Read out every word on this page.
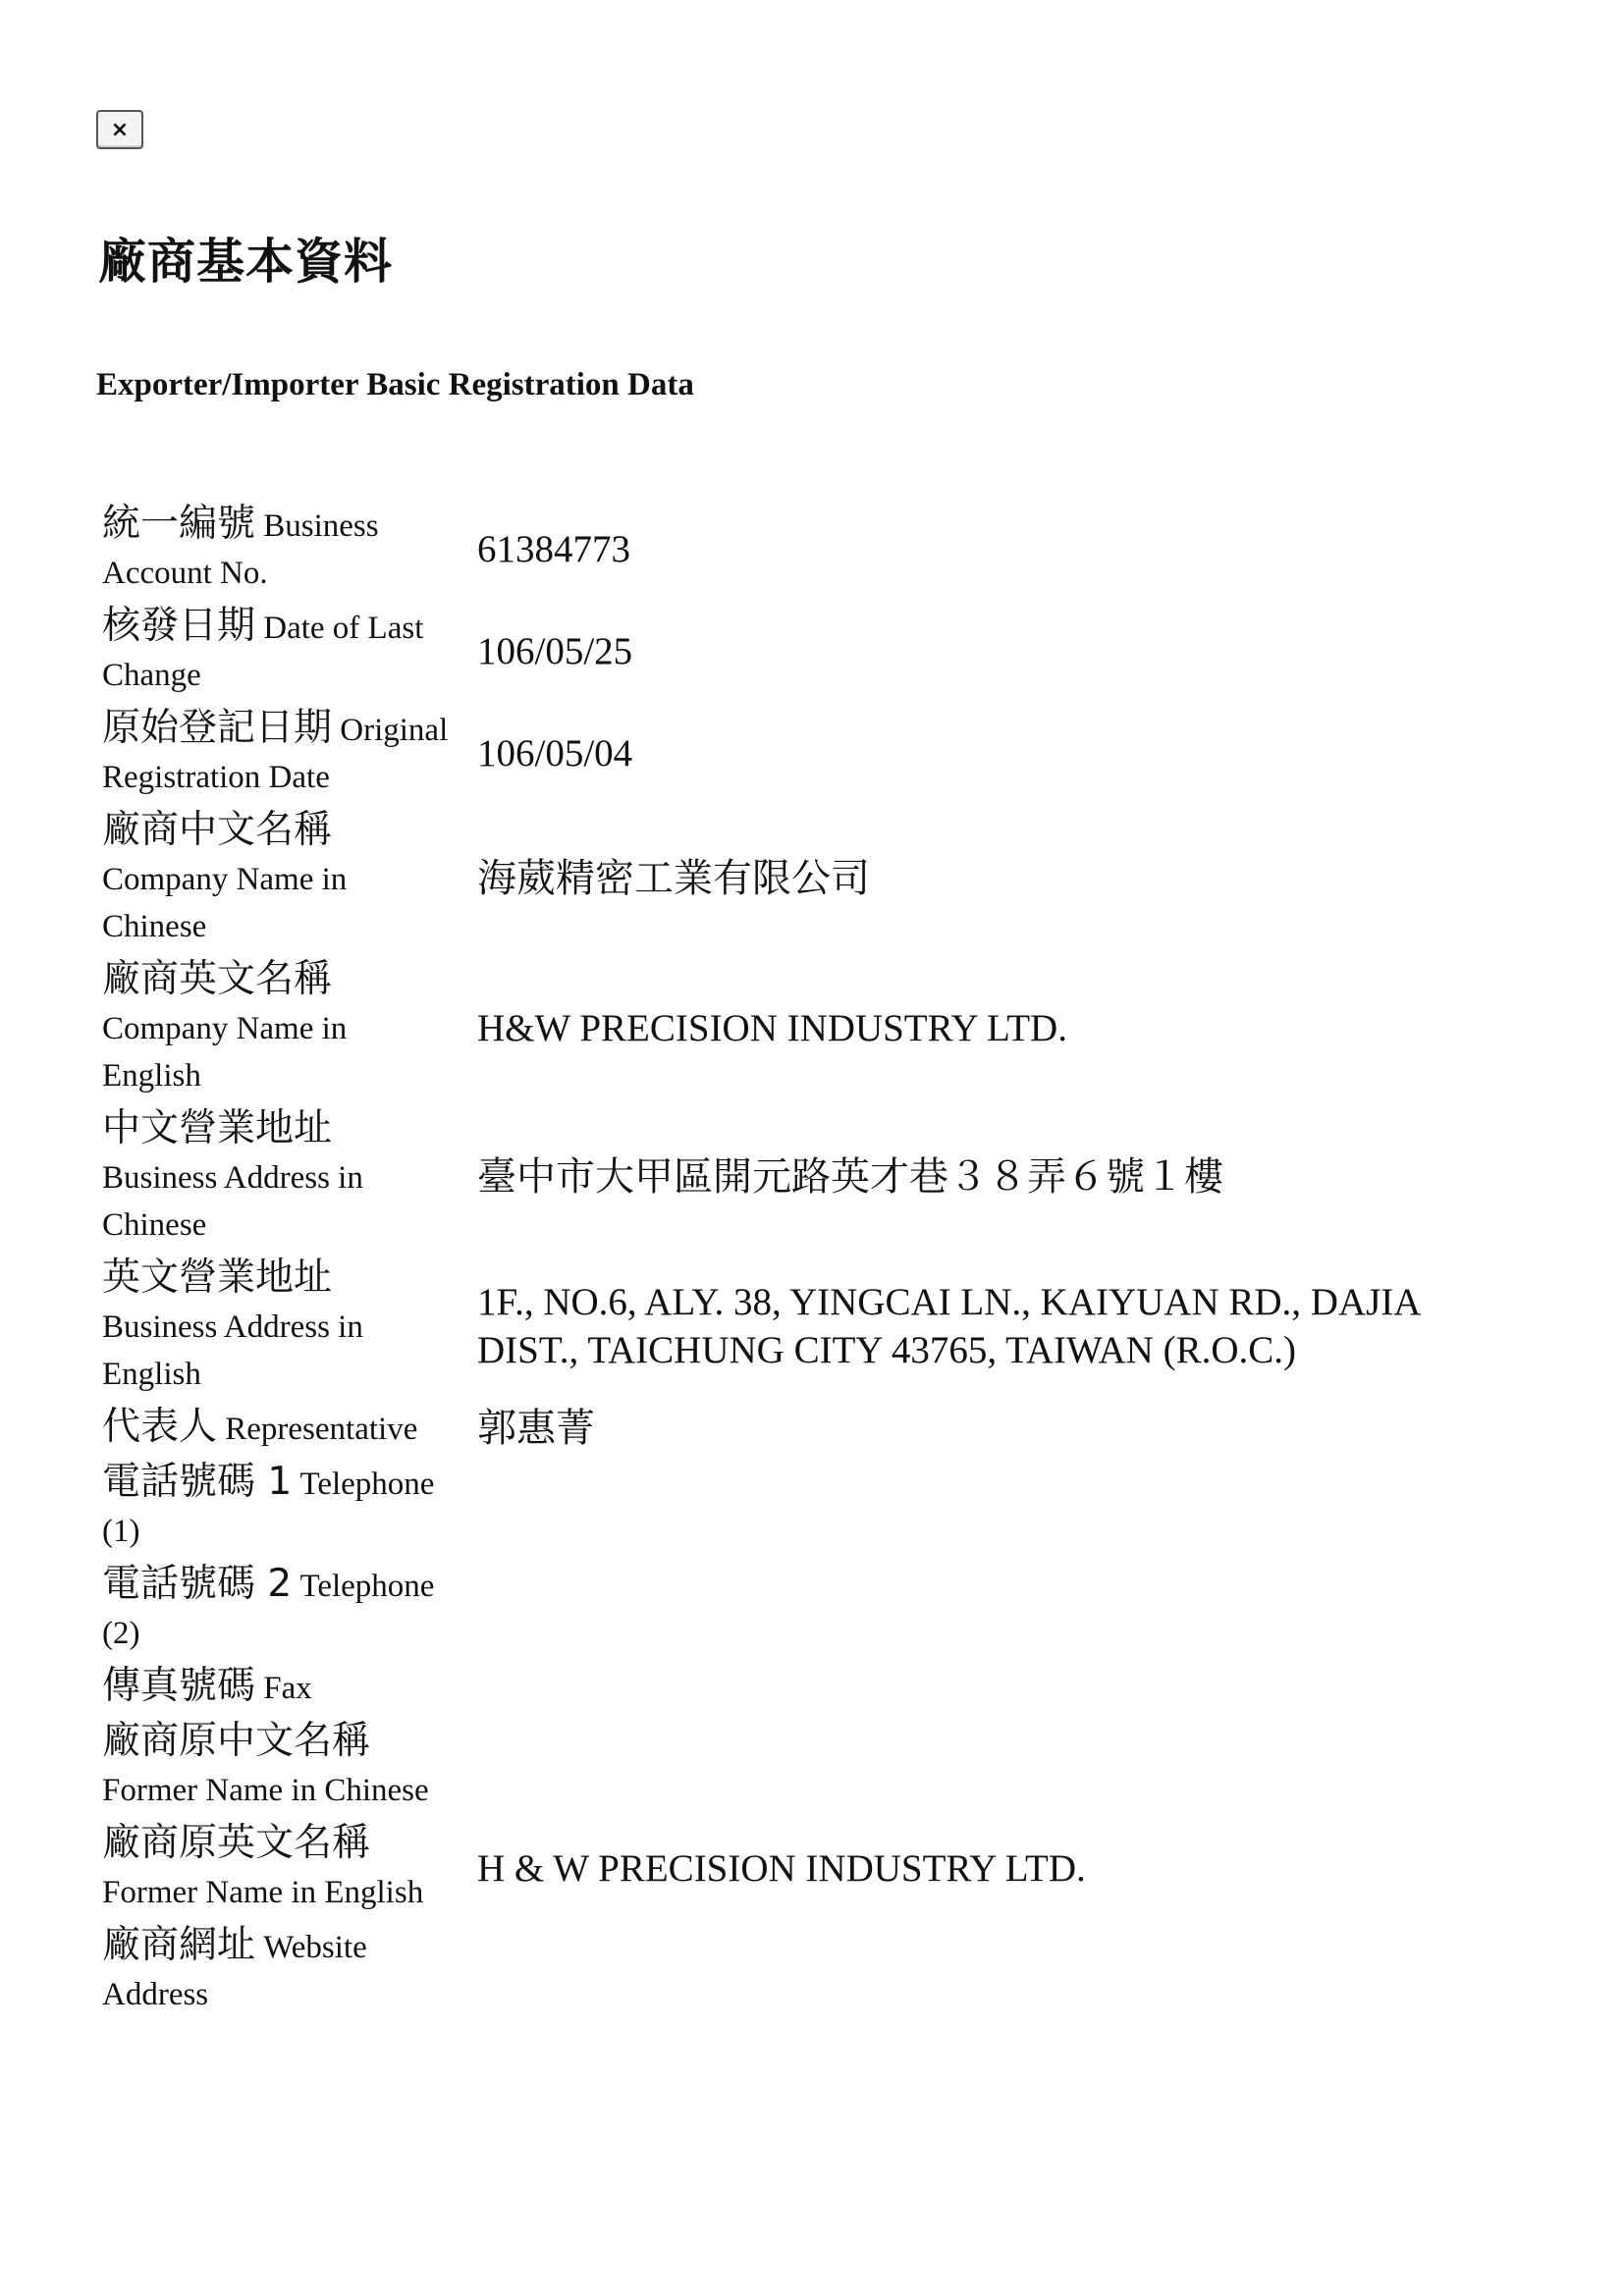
×
廠商基本資料
Exporter/Importer Basic Registration Data
統一編號 Business Account No.	61384773
核發日期 Date of Last Change	106/05/25
原始登記日期 Original Registration Date	106/05/04
廠商中文名稱 Company Name in Chinese	海葳精密工業有限公司
廠商英文名稱 Company Name in English	H&W PRECISION INDUSTRY LTD.
中文營業地址 Business Address in Chinese	臺中市大甲區開元路英才巷３８弄６號１樓
英文營業地址 Business Address in English	1F., NO.6, ALY. 38, YINGCAI LN., KAIYUAN RD., DAJIA DIST., TAICHUNG CITY 43765, TAIWAN (R.O.C.)
代表人 Representative	郭惠菁
電話號碼 1 Telephone (1)	
電話號碼 2 Telephone (2)	
傳真號碼 Fax	
廠商原中文名稱 Former Name in Chinese	
廠商原英文名稱 Former Name in English	H & W PRECISION INDUSTRY LTD.
廠商網址 Website Address	
